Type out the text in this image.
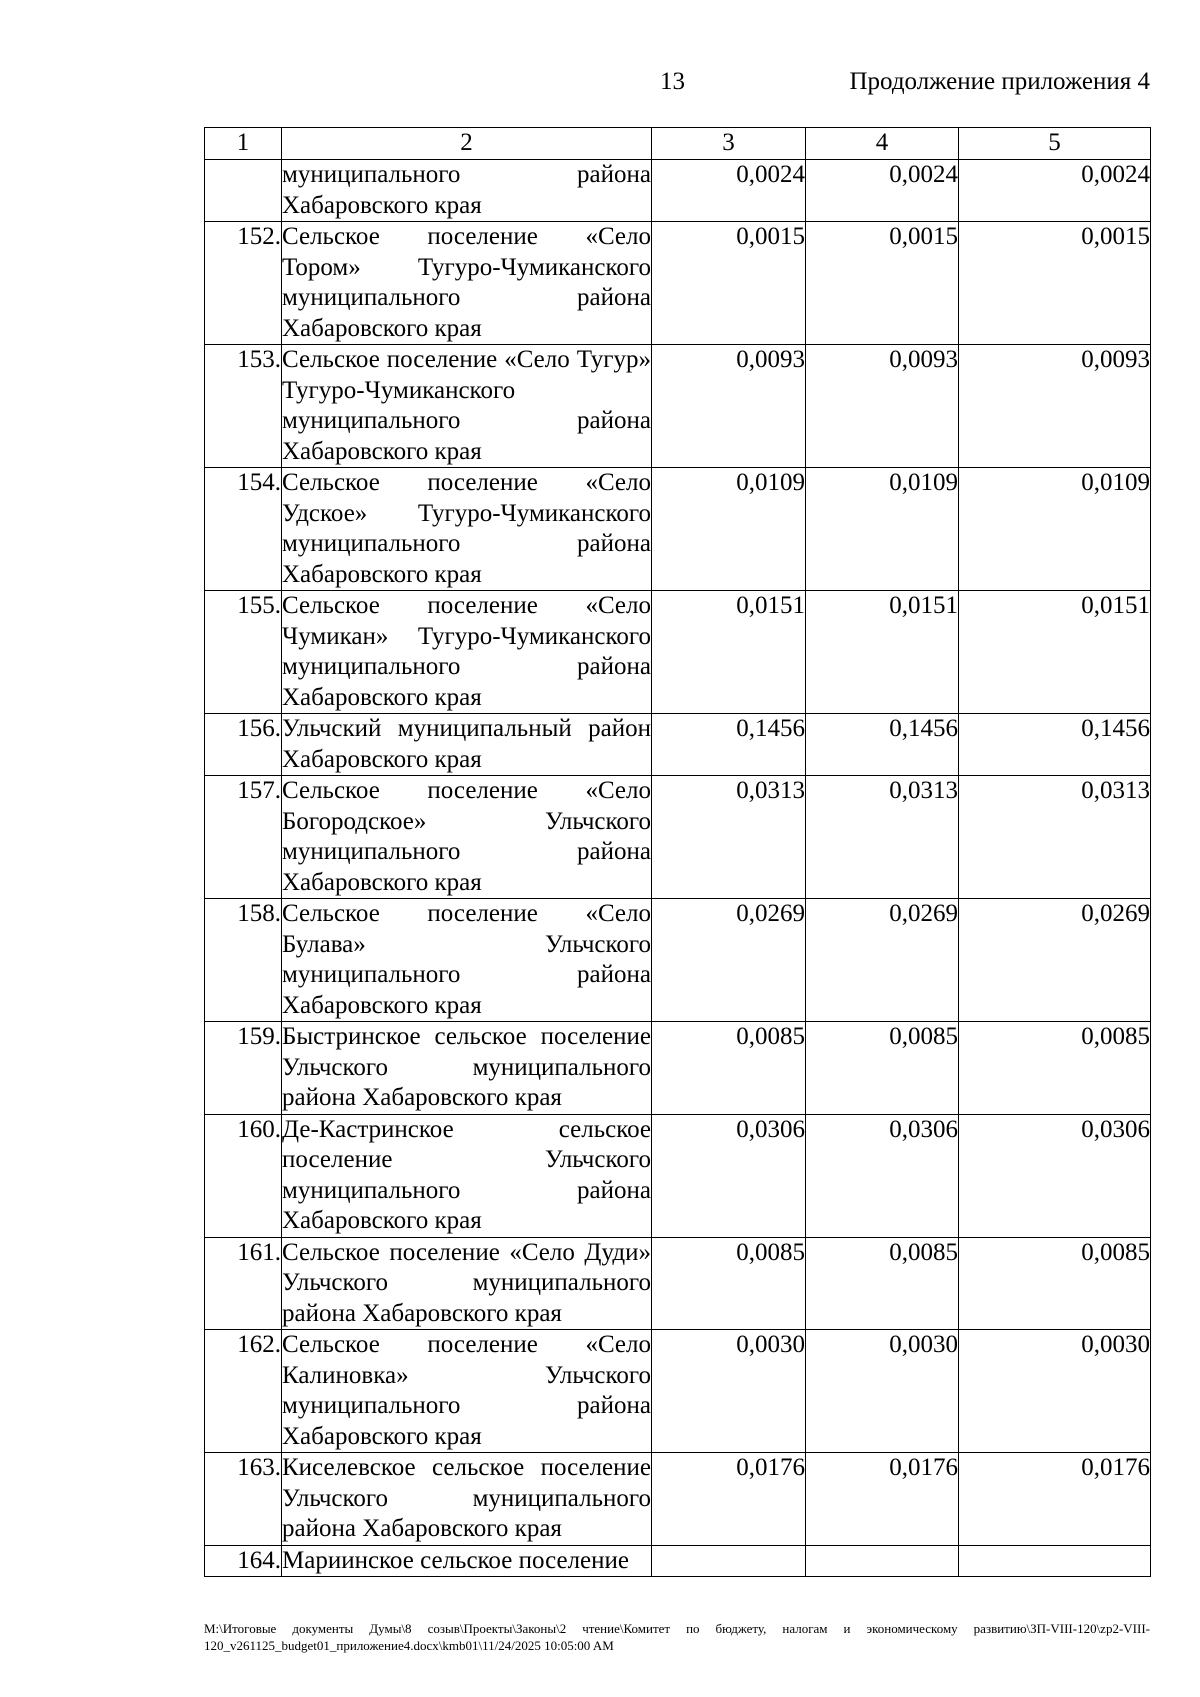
13	Продолжение приложения 4
1	2	3	4	5
	муниципального района Хабаровского края	0,0024	0,0024	0,0024
152.	Сельское поселение «Село Тором» Тугуро-Чумиканского муниципального района Хабаровского края	0,0015	0,0015	0,0015
153.	Сельское поселение «Село Тугур» Тугуро-Чумиканского муниципального района Хабаровского края	0,0093	0,0093	0,0093
154.	Сельское поселение «Село Удское» Тугуро-Чумиканского муниципального района Хабаровского края	0,0109	0,0109	0,0109
155.	Сельское поселение «Село Чумикан» Тугуро-Чумиканского муниципального района Хабаровского края	0,0151	0,0151	0,0151
156.	Ульчский муниципальный район Хабаровского края	0,1456	0,1456	0,1456
157.	Сельское поселение «Село Богородское» Ульчского муниципального района Хабаровского края	0,0313	0,0313	0,0313
158.	Сельское поселение «Село Булава» Ульчского муниципального района Хабаровского края	0,0269	0,0269	0,0269
159.	Быстринское сельское поселение Ульчского муниципального района Хабаровского края	0,0085	0,0085	0,0085
160.	Де-Кастринское сельское поселение Ульчского муниципального района Хабаровского края	0,0306	0,0306	0,0306
161.	Сельское поселение «Село Дуди» Ульчского муниципального района Хабаровского края	0,0085	0,0085	0,0085
162.	Сельское поселение «Село Калиновка» Ульчского муниципального района Хабаровского края	0,0030	0,0030	0,0030
163.	Киселевское сельское поселение Ульчского муниципального района Хабаровского края	0,0176	0,0176	0,0176
164.	Мариинское сельское поселение			
M:\Итоговые документы Думы\8 созыв\Проекты\Законы\2 чтение\Комитет по бюджету, налогам и экономическому развитию\ЗП-VIII-120\zp2-VIII-120_v261125_budget01_приложение4.docx\kmb01\11/24/2025 10:05:00 AM
